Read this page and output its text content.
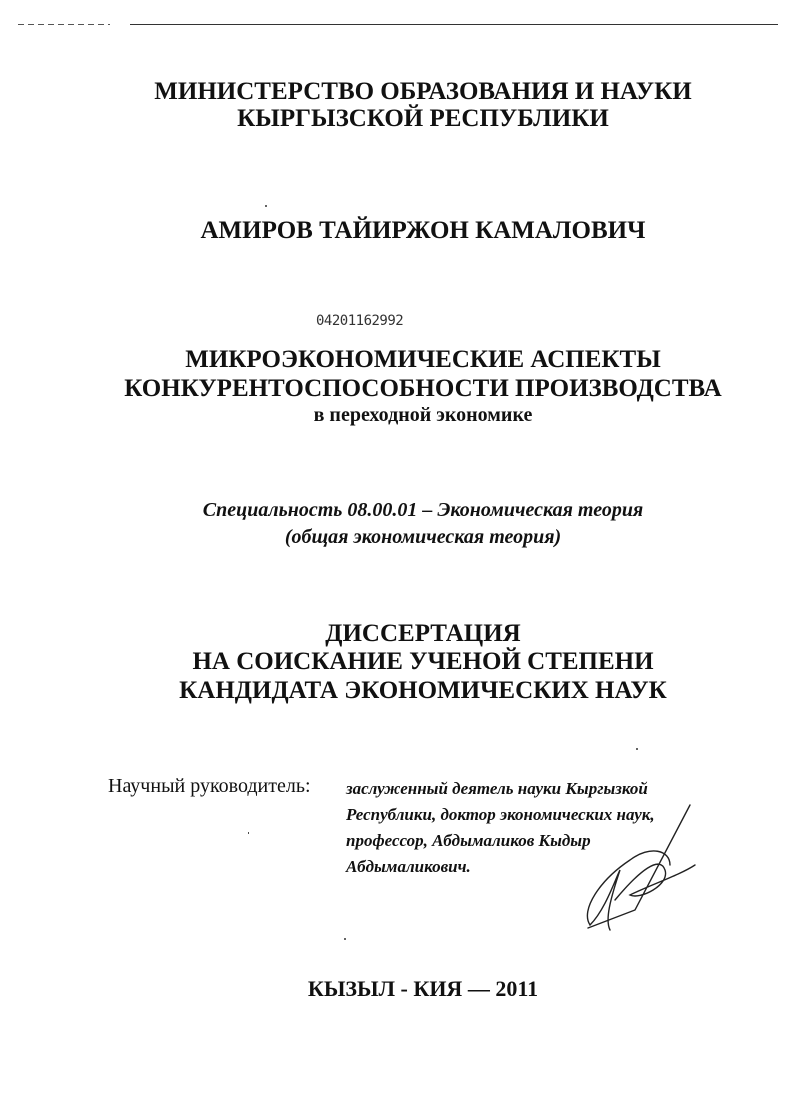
МИНИСТЕРСТВО ОБРАЗОВАНИЯ И НАУКИ
КЫРГЫЗСКОЙ РЕСПУБЛИКИ
АМИРОВ ТАЙИРЖОН КАМАЛОВИЧ
04201162992
МИКРОЭКОНОМИЧЕСКИЕ АСПЕКТЫ
КОНКУРЕНТОСПОСОБНОСТИ ПРОИЗВОДСТВА
в переходной экономике
Специальность 08.00.01 – Экономическая теория
(общая экономическая теория)
ДИССЕРТАЦИЯ
НА СОИСКАНИЕ УЧЕНОЙ СТЕПЕНИ
КАНДИДАТА ЭКОНОМИЧЕСКИХ НАУК
Научный руководитель: заслуженный деятель науки Кыргызкой
Республики, доктор экономических наук,
профессор, Абдымаликов Кыдыр
Абдымаликович.
КЫЗЫЛ - КИЯ — 2011
